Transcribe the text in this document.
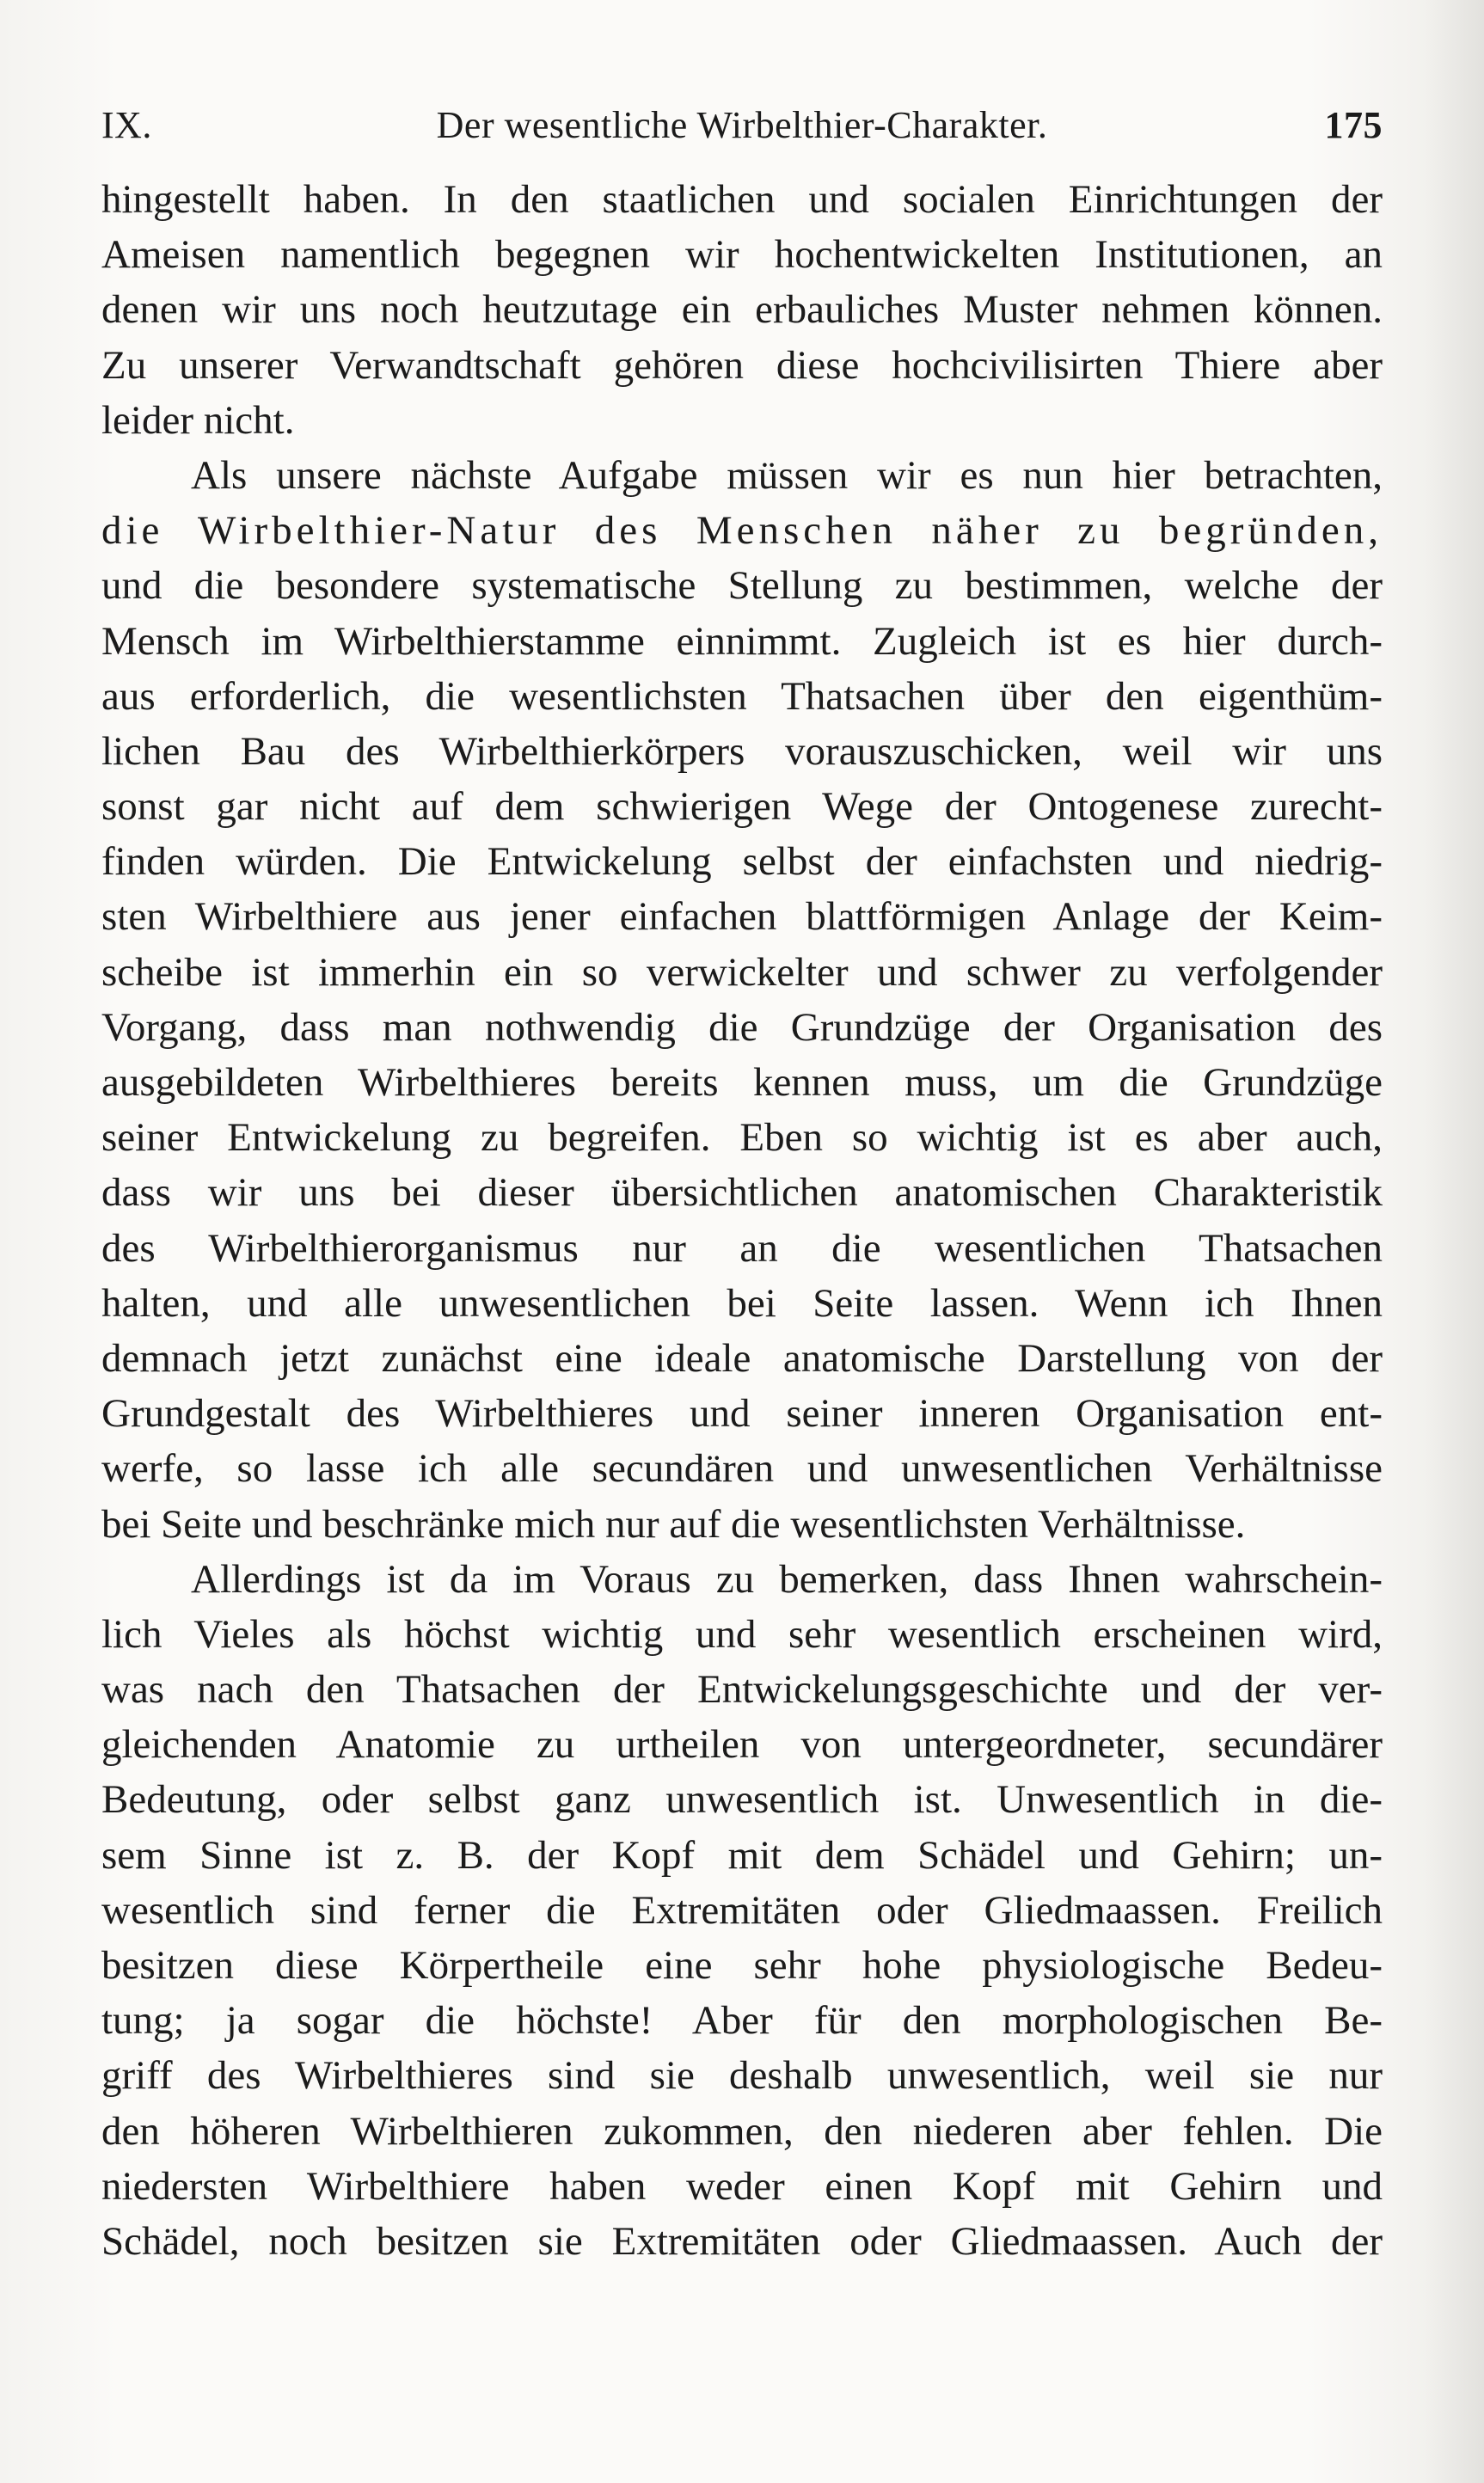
IX.	Der wesentliche Wirbelthier-Charakter.	175
hingestellt haben. In den staatlichen und socialen Einrichtungen der
Ameisen namentlich begegnen wir hochentwickelten Institutionen, an
denen wir uns noch heutzutage ein erbauliches Muster nehmen können.
Zu unserer Verwandtschaft gehören diese hochcivilisirten Thiere aber
leider nicht.
Als unsere nächste Aufgabe müssen wir es nun hier betrachten,
die Wirbelthier-Natur des Menschen näher zu begründen,
und die besondere systematische Stellung zu bestimmen, welche der
Mensch im Wirbelthierstamme einnimmt. Zugleich ist es hier durch-
aus erforderlich, die wesentlichsten Thatsachen über den eigenthüm-
lichen Bau des Wirbelthierkörpers vorauszuschicken, weil wir uns
sonst gar nicht auf dem schwierigen Wege der Ontogenese zurecht-
finden würden. Die Entwickelung selbst der einfachsten und niedrig-
sten Wirbelthiere aus jener einfachen blattförmigen Anlage der Keim-
scheibe ist immerhin ein so verwickelter und schwer zu verfolgender
Vorgang, dass man nothwendig die Grundzüge der Organisation des
ausgebildeten Wirbelthieres bereits kennen muss, um die Grundzüge
seiner Entwickelung zu begreifen. Eben so wichtig ist es aber auch,
dass wir uns bei dieser übersichtlichen anatomischen Charakteristik
des Wirbelthierorganismus nur an die wesentlichen Thatsachen
halten, und alle unwesentlichen bei Seite lassen. Wenn ich Ihnen
demnach jetzt zunächst eine ideale anatomische Darstellung von der
Grundgestalt des Wirbelthieres und seiner inneren Organisation ent-
werfe, so lasse ich alle secundären und unwesentlichen Verhältnisse
bei Seite und beschränke mich nur auf die wesentlichsten Verhältnisse.
Allerdings ist da im Voraus zu bemerken, dass Ihnen wahrschein-
lich Vieles als höchst wichtig und sehr wesentlich erscheinen wird,
was nach den Thatsachen der Entwickelungsgeschichte und der ver-
gleichenden Anatomie zu urtheilen von untergeordneter, secundärer
Bedeutung, oder selbst ganz unwesentlich ist. Unwesentlich in die-
sem Sinne ist z. B. der Kopf mit dem Schädel und Gehirn; un-
wesentlich sind ferner die Extremitäten oder Gliedmaassen. Freilich
besitzen diese Körpertheile eine sehr hohe physiologische Bedeu-
tung; ja sogar die höchste! Aber für den morphologischen Be-
griff des Wirbelthieres sind sie deshalb unwesentlich, weil sie nur
den höheren Wirbelthieren zukommen, den niederen aber fehlen. Die
niedersten Wirbelthiere haben weder einen Kopf mit Gehirn und
Schädel, noch besitzen sie Extremitäten oder Gliedmaassen. Auch der
